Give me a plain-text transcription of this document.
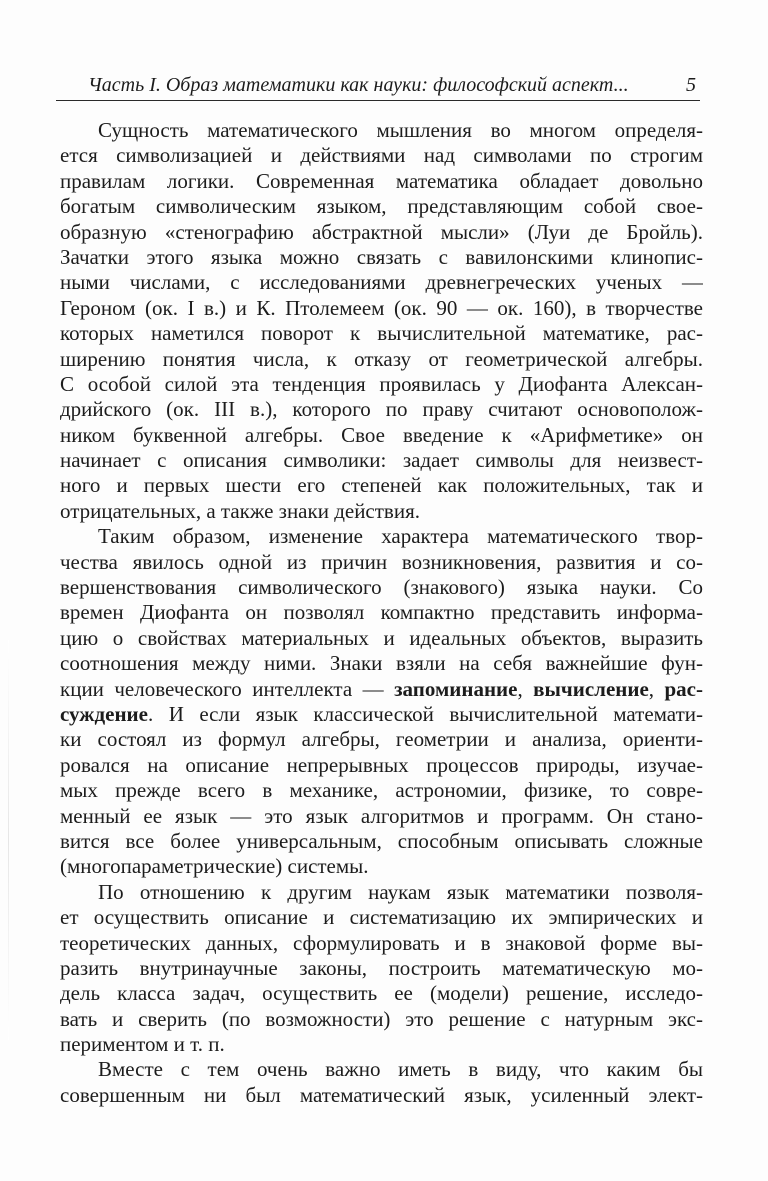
Часть I. Образ математики как науки: философский аспект...	5
Сущность математического мышления во многом определя-
ется символизацией и действиями над символами по строгим
правилам логики. Современная математика обладает довольно
богатым символическим языком, представляющим собой свое-
образную «стенографию абстрактной мысли» (Луи де Бройль).
Зачатки этого языка можно связать с вавилонскими клинопис-
ными числами, с исследованиями древнегреческих ученых —
Героном (ок. I в.) и К. Птолемеем (ок. 90 — ок. 160), в творчестве
которых наметился поворот к вычислительной математике, рас-
ширению понятия числа, к отказу от геометрической алгебры.
С особой силой эта тенденция проявилась у Диофанта Алексан-
дрийского (ок. III в.), которого по праву считают основополож-
ником буквенной алгебры. Свое введение к «Арифметике» он
начинает с описания символики: задает символы для неизвест-
ного и первых шести его степеней как положительных, так и
отрицательных, а также знаки действия.
Таким образом, изменение характера математического твор-
чества явилось одной из причин возникновения, развития и со-
вершенствования символического (знакового) языка науки. Со
времен Диофанта он позволял компактно представить информа-
цию о свойствах материальных и идеальных объектов, выразить
соотношения между ними. Знаки взяли на себя важнейшие фун-
кции человеческого интеллекта — запоминание, вычисление, рас-
суждение. И если язык классической вычислительной математи-
ки состоял из формул алгебры, геометрии и анализа, ориенти-
ровался на описание непрерывных процессов природы, изучае-
мых прежде всего в механике, астрономии, физике, то совре-
менный ее язык — это язык алгоритмов и программ. Он стано-
вится все более универсальным, способным описывать сложные
(многопараметрические) системы.
По отношению к другим наукам язык математики позволя-
ет осуществить описание и систематизацию их эмпирических и
теоретических данных, сформулировать и в знаковой форме вы-
разить внутринаучные законы, построить математическую мо-
дель класса задач, осуществить ее (модели) решение, исследо-
вать и сверить (по возможности) это решение с натурным экс-
периментом и т. п.
Вместе с тем очень важно иметь в виду, что каким бы
совершенным ни был математический язык, усиленный элект-
